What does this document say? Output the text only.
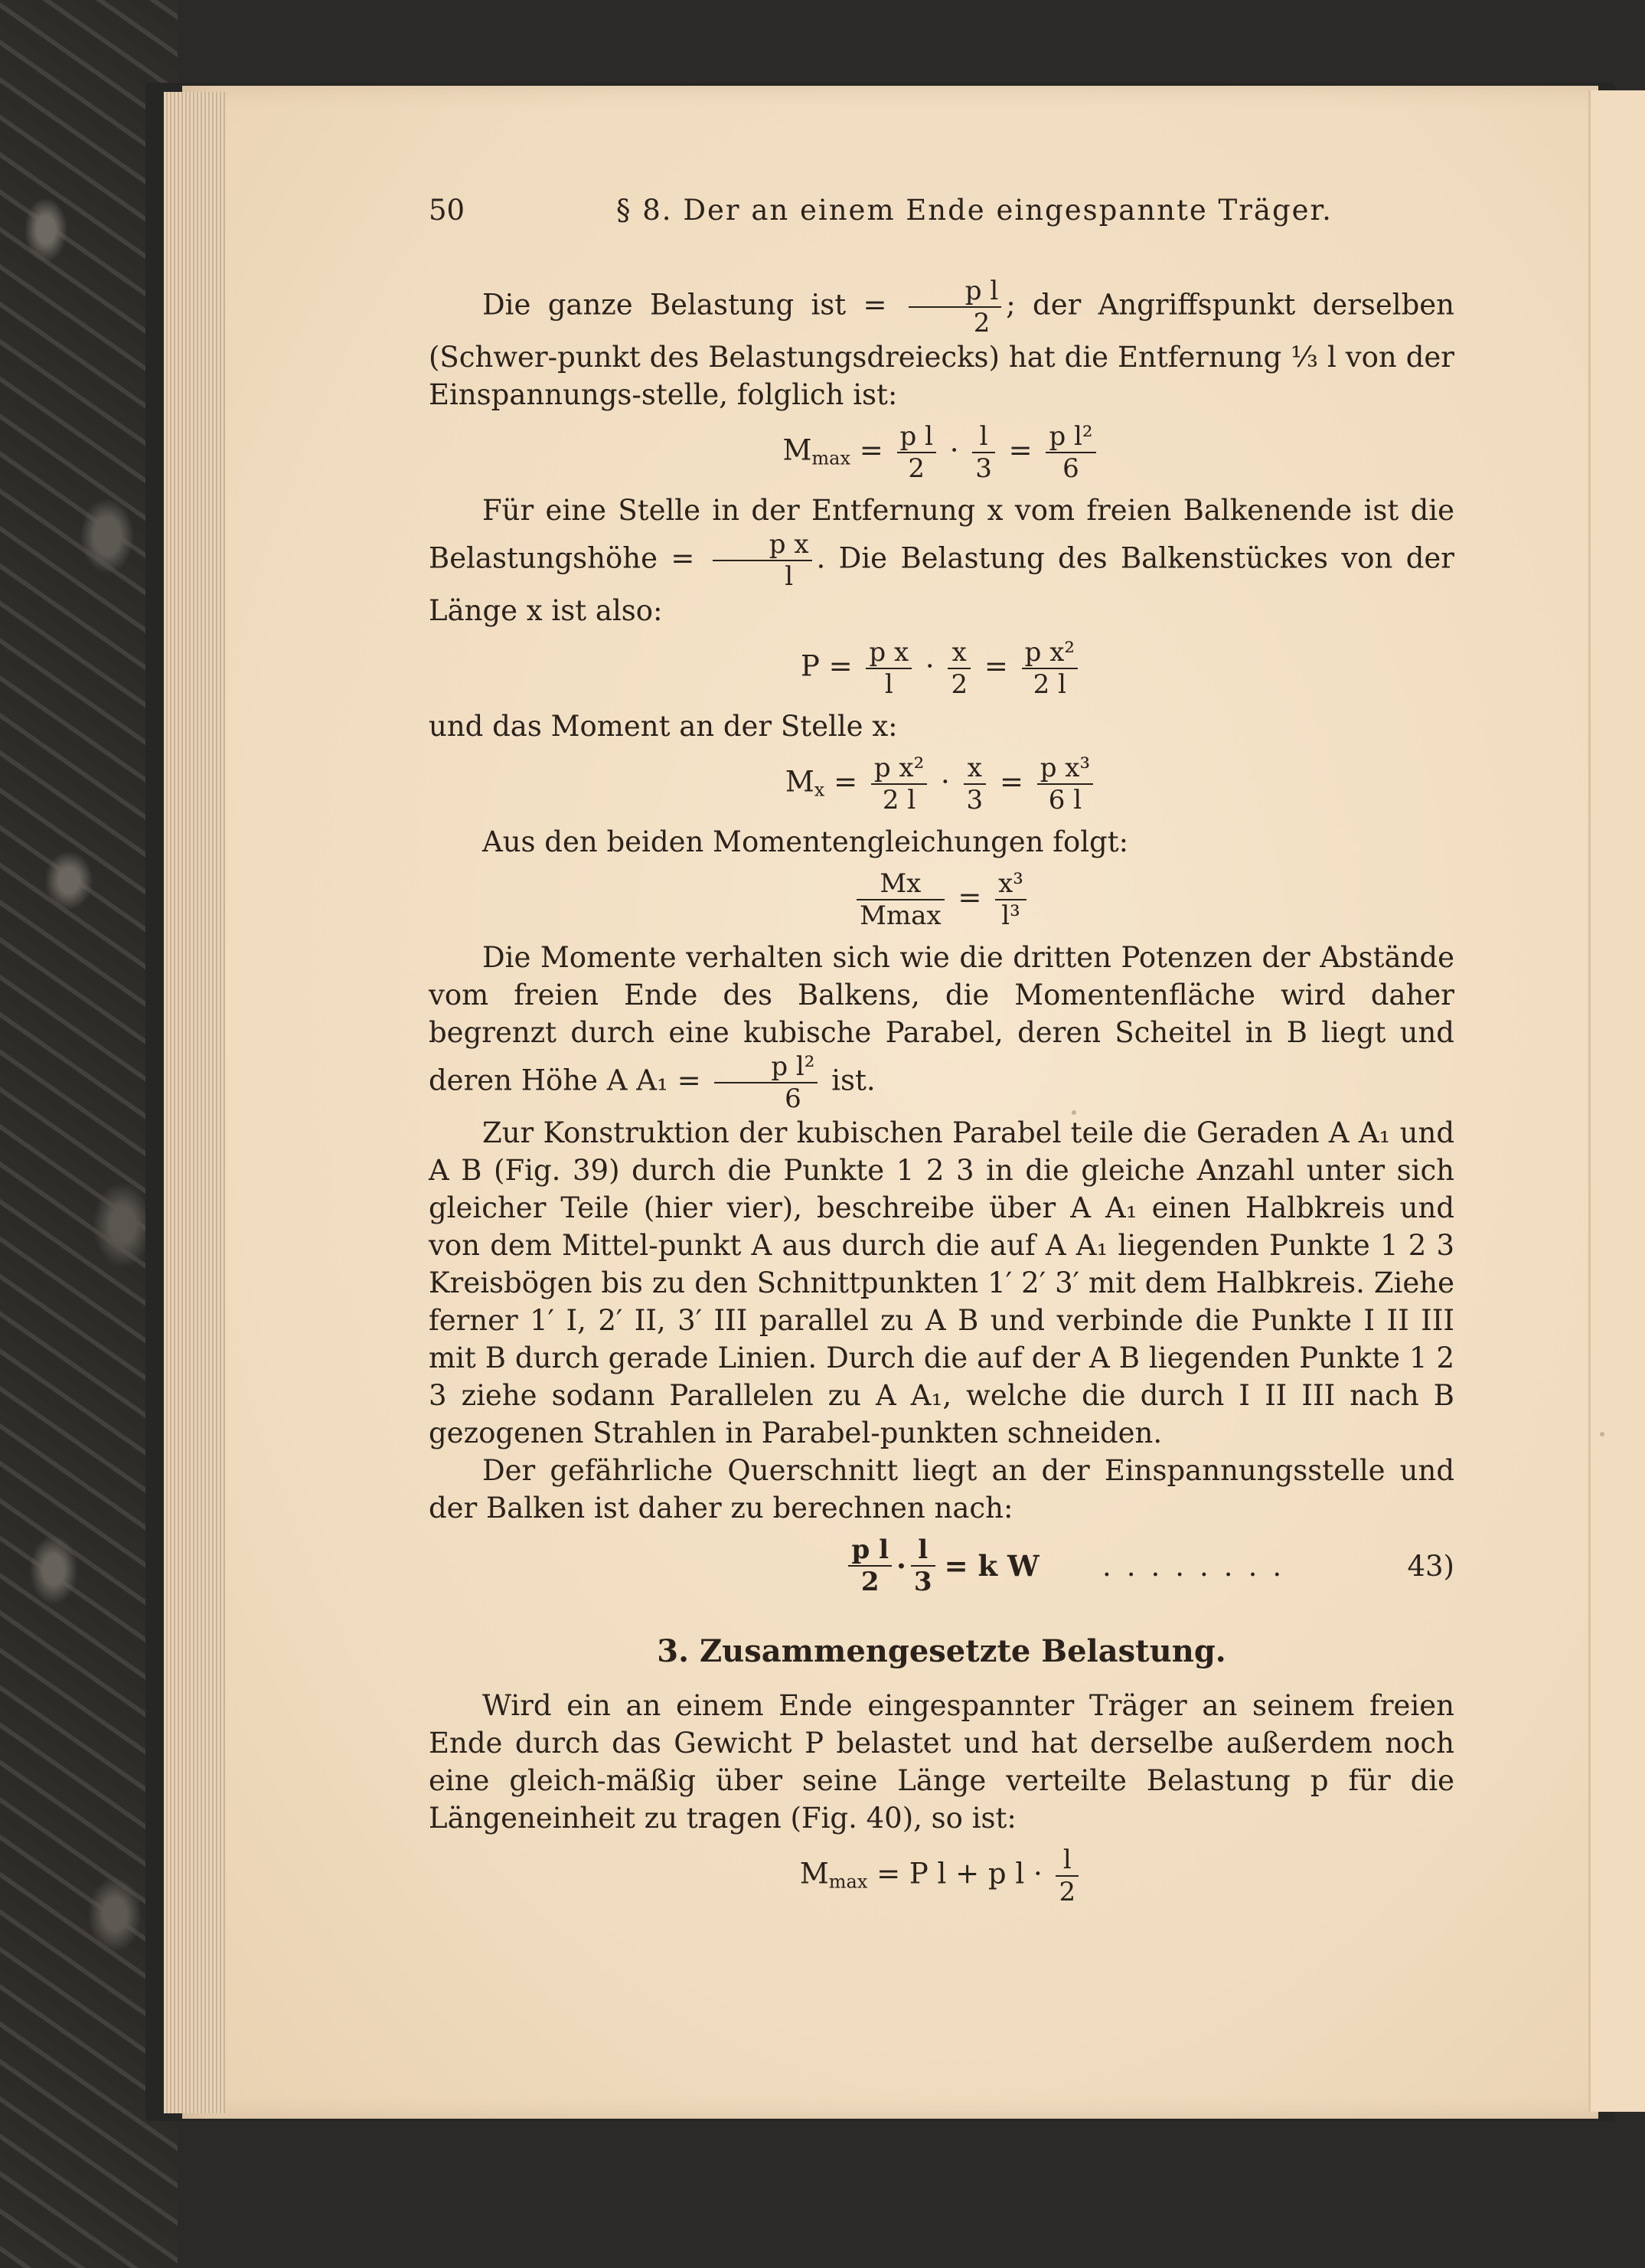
50	§ 8. Der an einem Ende eingespannte Träger.

Die ganze Belastung ist = $\frac{\text{p l}}{2}$ ; der Angriffspunkt derselben (Schwer-punkt des Belastungsdreiecks) hat die Entfernung ⅓ l von der Einspannungs-stelle, folglich ist:

$M_{max} = \frac{\text{p l}}{2} \cdot \frac{l}{3} = \frac{\text{p l²}}{6}$

Für eine Stelle in der Entfernung x vom freien Balkenende ist die Belastungshöhe = $\frac{\text{p x}}{l}$ . Die Belastung des Balkenstückes von der Länge x ist also:

$P = \frac{\text{p x}}{l} \cdot \frac{x}{2} = \frac{\text{p x²}}{2 l}$

und das Moment an der Stelle x:

$M_x = \frac{\text{p x²}}{2 l} \cdot \frac{x}{3} = \frac{\text{p x³}}{6 l}$

Aus den beiden Momentengleichungen folgt:

$\frac{Mx}{Mmax} = \frac{\text{x³}}{\text{l³}}$

Die Momente verhalten sich wie die dritten Potenzen der Abstände vom freien Ende des Balkens, die Momentenfläche wird daher begrenzt durch eine kubische Parabel, deren Scheitel in B liegt und deren Höhe A $A_1 = \frac{\text{p l²}}{6}$ ist.

Zur Konstruktion der kubischen Parabel teile die Geraden A A₁ und A B (Fig. 39) durch die Punkte 1 2 3 in die gleiche Anzahl unter sich gleicher Teile (hier vier), beschreibe über A A₁ einen Halbkreis und von dem Mittel-punkt A aus durch die auf A A₁ liegenden Punkte 1 2 3 Kreisbögen bis zu den Schnittpunkten 1′ 2′ 3′ mit dem Halbkreis. Ziehe ferner 1′ I, 2′ II, 3′ III parallel zu A B und verbinde die Punkte I II III mit B durch gerade Linien. Durch die auf der A B liegenden Punkte 1 2 3 ziehe sodann Parallelen zu A A₁, welche die durch I II III nach B gezogenen Strahlen in Parabel-punkten schneiden.

Der gefährliche Querschnitt liegt an der Einspannungsstelle und der Balken ist daher zu berechnen nach:

$\frac{\text{p l}}{2} \cdot \frac{l}{3} = k$ W ........	43)
3. Zusammengesetzte Belastung.

Wird ein an einem Ende eingespannter Träger an seinem freien Ende durch das Gewicht P belastet und hat derselbe außerdem noch eine gleich-mäßig über seine Länge verteilte Belastung p für die Längeneinheit zu tragen (Fig. 40), so ist:

$M_{max} = P$ l + p $l \cdot \frac{l}{2}$
